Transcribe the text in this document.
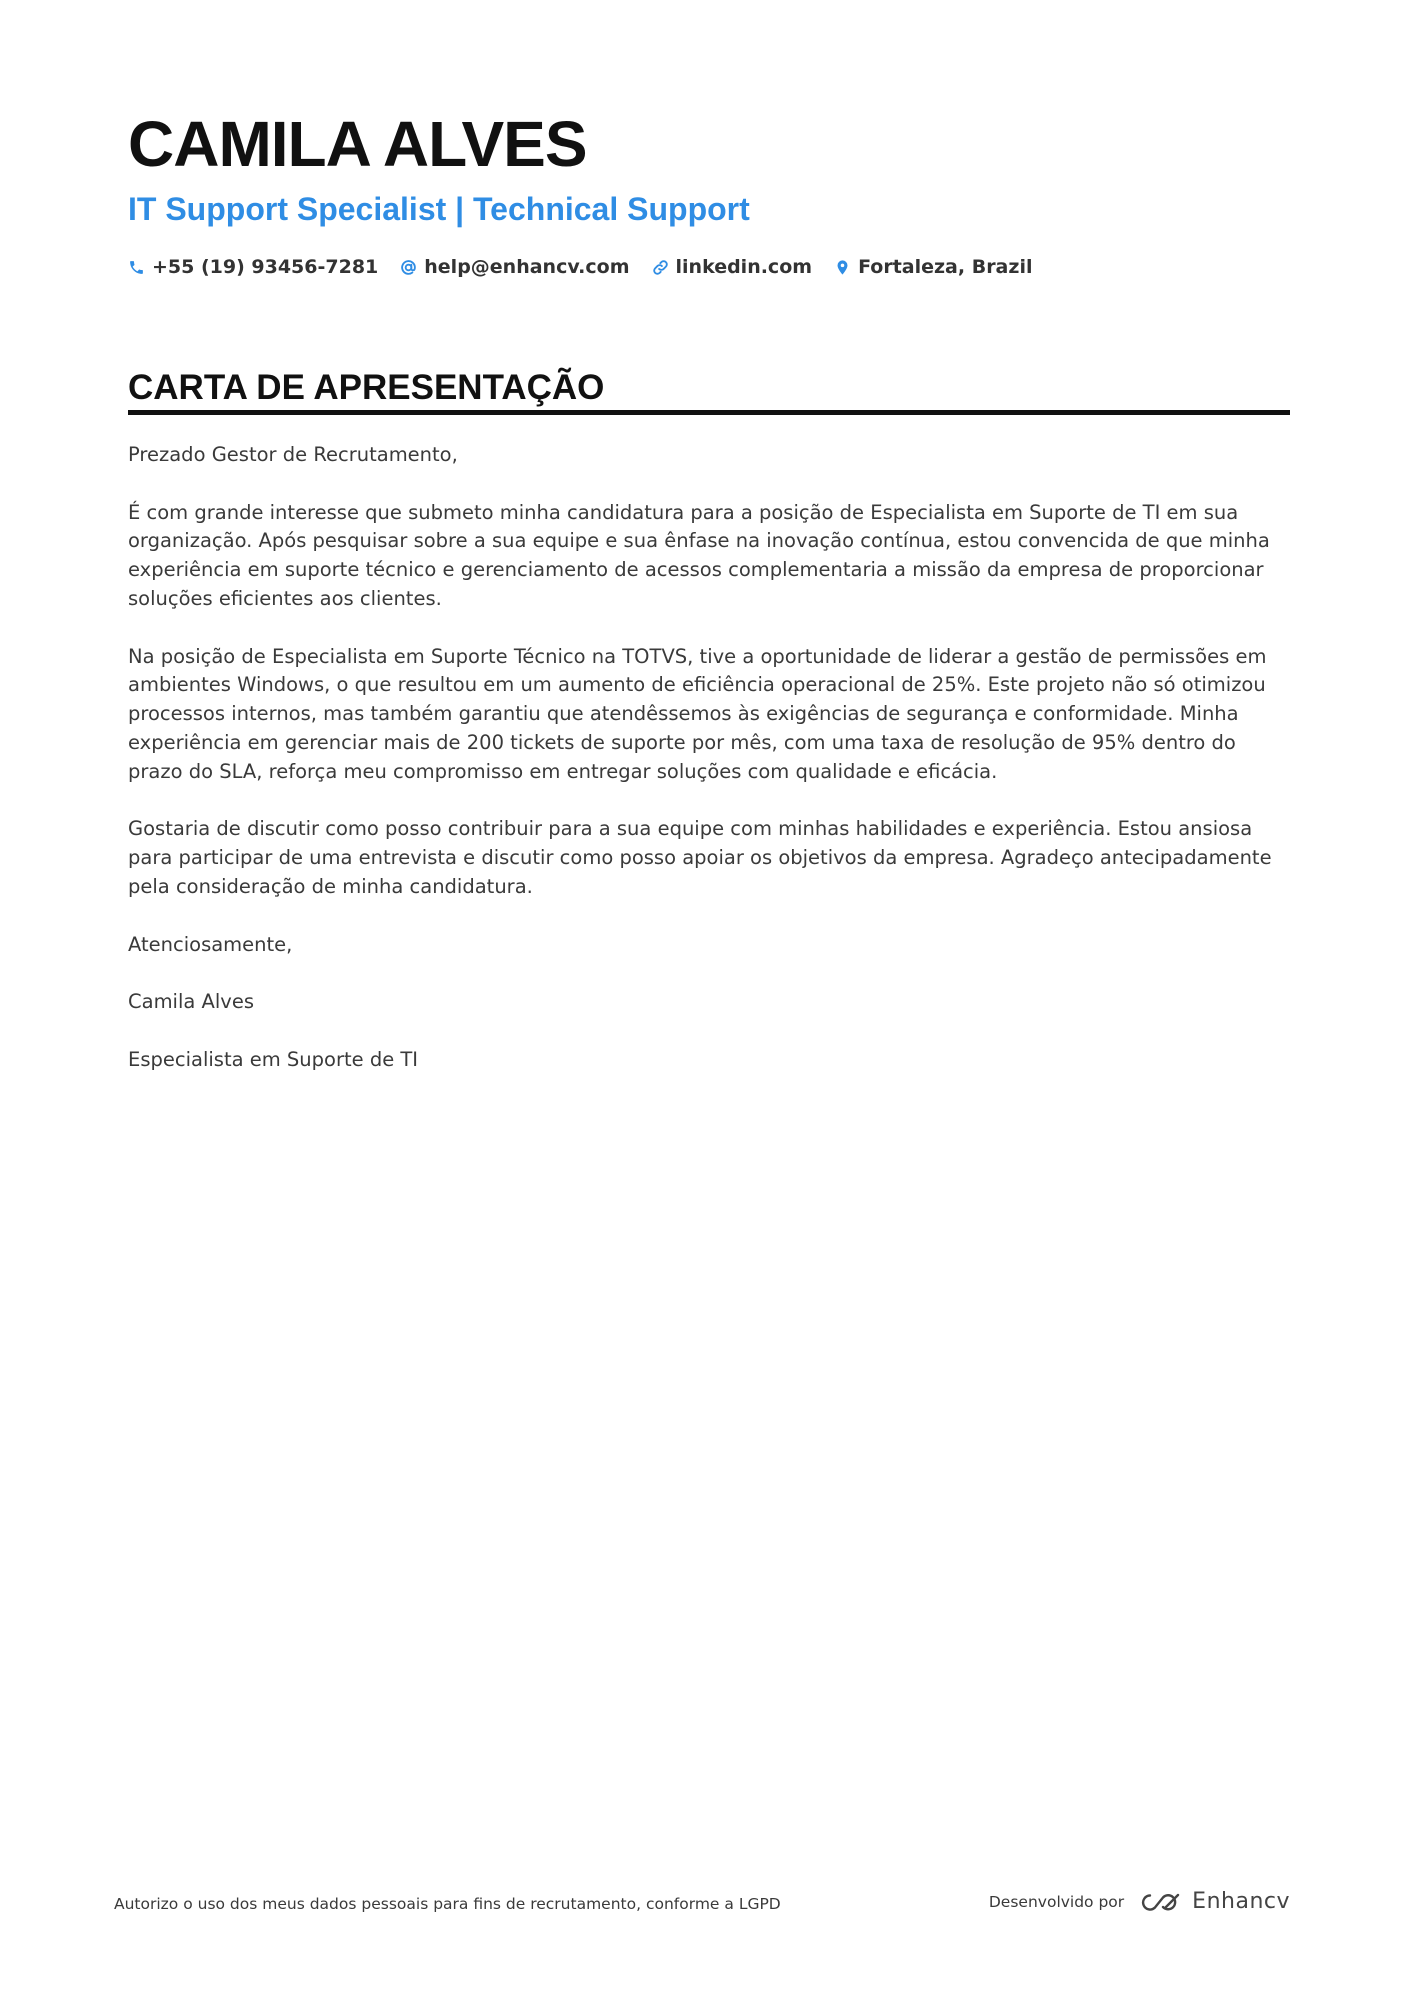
CAMILA ALVES
IT Support Specialist | Technical Support
+55 (19) 93456-7281 help@enhancv.com linkedin.com Fortaleza, Brazil
CARTA DE APRESENTAÇÃO

Prezado Gestor de Recrutamento,

É com grande interesse que submeto minha candidatura para a posição de Especialista em Suporte de TI em sua organização. Após pesquisar sobre a sua equipe e sua ênfase na inovação contínua, estou convencida de que minha experiência em suporte técnico e gerenciamento de acessos complementaria a missão da empresa de proporcionar soluções eficientes aos clientes.

Na posição de Especialista em Suporte Técnico na TOTVS, tive a oportunidade de liderar a gestão de permissões em ambientes Windows, o que resultou em um aumento de eficiência operacional de 25%. Este projeto não só otimizou processos internos, mas também garantiu que atendêssemos às exigências de segurança e conformidade. Minha experiência em gerenciar mais de 200 tickets de suporte por mês, com uma taxa de resolução de 95% dentro do prazo do SLA, reforça meu compromisso em entregar soluções com qualidade e eficácia.

Gostaria de discutir como posso contribuir para a sua equipe com minhas habilidades e experiência. Estou ansiosa para participar de uma entrevista e discutir como posso apoiar os objetivos da empresa. Agradeço antecipadamente pela consideração de minha candidatura.

Atenciosamente,

Camila Alves

Especialista em Suporte de TI

Autorizo o uso dos meus dados pessoais para fins de recrutamento, conforme a LGPD	Desenvolvido por	Enhancv
